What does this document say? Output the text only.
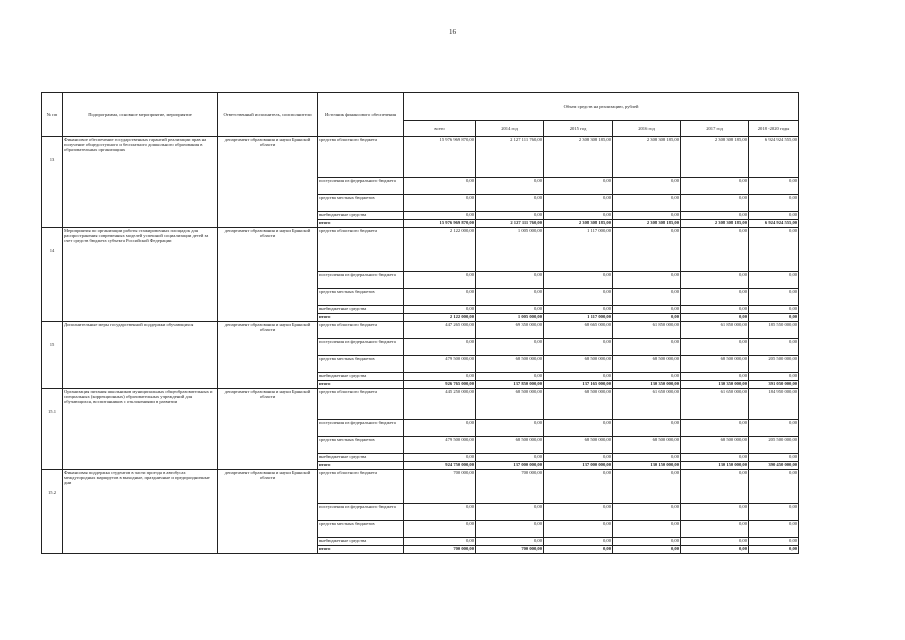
16
№ пп	Подпрограмма, основное мероприятие, мероприятие	Ответственный исполнитель, соисполнители	Источник финансового обеспечения	Объем средств на реализацию, рублей					
				всего	2014 год	2015 год	2016 год	2017 год	2018 -2020 годы
13	Финансовое обеспечение государственных гарантий реализации прав на получение общедоступного и бесплатного дошкольного образования в образовательных организациях	департамент образования и науки Брянской области	средства областного бюджета	15 976 969 870,00	2 127 111 760,00	2 308 308 185,00	2 308 308 185,00	2 308 308 185,00	6 924 924 555,00
			поступления из федерального бюджета	0,00	0,00	0,00	0,00	0,00	0,00
			средства местных бюджетов	0,00	0,00	0,00	0,00	0,00	0,00
			внебюджетные средства	0,00	0,00	0,00	0,00	0,00	0,00
			итого	15 976 969 870,00	2 127 111 760,00	2 308 308 185,00	2 308 308 185,00	2 308 308 185,00	6 924 924 555,00
14	Мероприятия по организации работы стажировочных площадок для распространения современных моделей успешной социализации детей за счет средств бюджета субъекта Российской Федерации	департамент образования и науки Брянской области	средства областного бюджета	2 122 000,00	1 005 000,00	1 117 000,00	0,00	0,00	0,00
			поступления из федерального бюджета	0,00	0,00	0,00	0,00	0,00	0,00
			средства местных бюджетов	0,00	0,00	0,00	0,00	0,00	0,00
			внебюджетные средства	0,00	0,00	0,00	0,00	0,00	0,00
			итого	2 122 000,00	1 005 000,00	1 117 000,00	0,00	0,00	0,00
15	Дополнительные меры государственной поддержки обучающихся	департамент образования и науки Брянской области	средства областного бюджета	447 265 000,00	69 350 000,00	68 665 000,00	61 850 000,00	61 850 000,00	185 550 000,00
			поступления из федерального бюджета	0,00	0,00	0,00	0,00	0,00	0,00
			средства местных бюджетов	479 500 000,00	68 500 000,00	68 500 000,00	68 500 000,00	68 500 000,00	205 500 000,00
			внебюджетные средства	0,00	0,00	0,00	0,00	0,00	0,00
			итого	926 765 000,00	137 850 000,00	137 165 000,00	130 350 000,00	130 350 000,00	391 050 000,00
15.1	Организация питания школьников муниципальных общеобразовательных и специальных (коррекционных) образовательных учреждений для обучающихся, воспитанников с отклонениями в развитии	департамент образования и науки Брянской области	средства областного бюджета	445 250 000,00	68 500 000,00	68 500 000,00	61 650 000,00	61 650 000,00	184 950 000,00
			поступления из федерального бюджета	0,00	0,00	0,00	0,00	0,00	0,00
			средства местных бюджетов	479 500 000,00	68 500 000,00	68 500 000,00	68 500 000,00	68 500 000,00	205 500 000,00
			внебюджетные средства	0,00	0,00	0,00	0,00	0,00	0,00
			итого	924 750 000,00	137 000 000,00	137 000 000,00	130 150 000,00	130 150 000,00	390 450 000,00
15.2	Финансовая поддержка студентов в части проезда в автобусах междугородных маршрутов в выходные, праздничные и предпраздничные дни	департамент образования и науки Брянской области	средства областного бюджета	700 000,00	700 000,00	0,00	0,00	0,00	0,00
			поступления из федерального бюджета	0,00	0,00	0,00	0,00	0,00	0,00
			средства местных бюджетов	0,00	0,00	0,00	0,00	0,00	0,00
			внебюджетные средства	0,00	0,00	0,00	0,00	0,00	0,00
			итого	700 000,00	700 000,00	0,00	0,00	0,00	0,00
